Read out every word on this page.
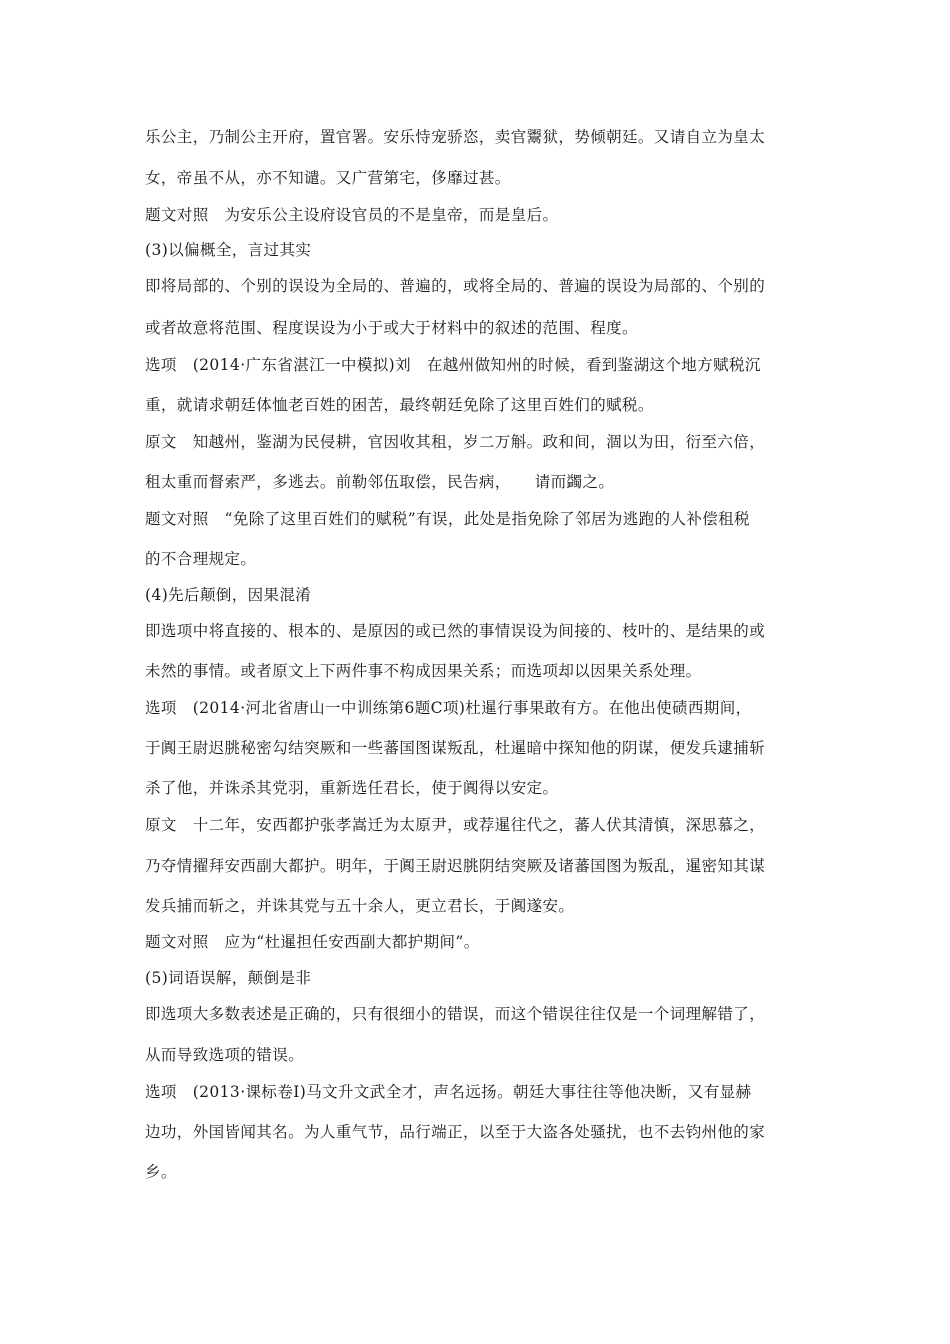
乐公主，乃制公主开府，置官署。安乐恃宠骄恣，卖官鬻狱，势倾朝廷。又请自立为皇太
女，帝虽不从，亦不知谴。又广营第宅，侈靡过甚。
题文对照　为安乐公主设府设官员的不是皇帝，而是皇后。
(3)以偏概全，言过其实
即将局部的、个别的误设为全局的、普遍的，或将全局的、普遍的误设为局部的、个别的
或者故意将范围、程度误设为小于或大于材料中的叙述的范围、程度。
选项　(2014·广东省湛江一中模拟)刘　在越州做知州的时候，看到鉴湖这个地方赋税沉
重，就请求朝廷体恤老百姓的困苦，最终朝廷免除了这里百姓们的赋税。
原文　知越州，鉴湖为民侵耕，官因收其租，岁二万斛。政和间，涸以为田，衍至六倍，
租太重而督索严，多逃去。前勒邻伍取偿，民告病，　　请而蠲之。
题文对照　“免除了这里百姓们的赋税”有误，此处是指免除了邻居为逃跑的人补偿租税
的不合理规定。
(4)先后颠倒，因果混淆
即选项中将直接的、根本的、是原因的或已然的事情误设为间接的、枝叶的、是结果的或
未然的事情。或者原文上下两件事不构成因果关系；而选项却以因果关系处理。
选项　(2014·河北省唐山一中训练第6题C项)杜暹行事果敢有方。在他出使碛西期间，
于阗王尉迟朓秘密勾结突厥和一些蕃国图谋叛乱，杜暹暗中探知他的阴谋，便发兵逮捕斩
杀了他，并诛杀其党羽，重新选任君长，使于阗得以安定。
原文　十二年，安西都护张孝嵩迁为太原尹，或荐暹往代之，蕃人伏其清慎，深思慕之，
乃夺情擢拜安西副大都护。明年，于阗王尉迟朓阴结突厥及诸蕃国图为叛乱，暹密知其谋
发兵捕而斩之，并诛其党与五十余人，更立君长，于阗遂安。
题文对照　应为“杜暹担任安西副大都护期间”。
(5)词语误解，颠倒是非
即选项大多数表述是正确的，只有很细小的错误，而这个错误往往仅是一个词理解错了，
从而导致选项的错误。
选项　(2013·课标卷Ⅰ)马文升文武全才，声名远扬。朝廷大事往往等他决断，又有显赫
边功，外国皆闻其名。为人重气节，品行端正，以至于大盗各处骚扰，也不去钧州他的家
乡。
